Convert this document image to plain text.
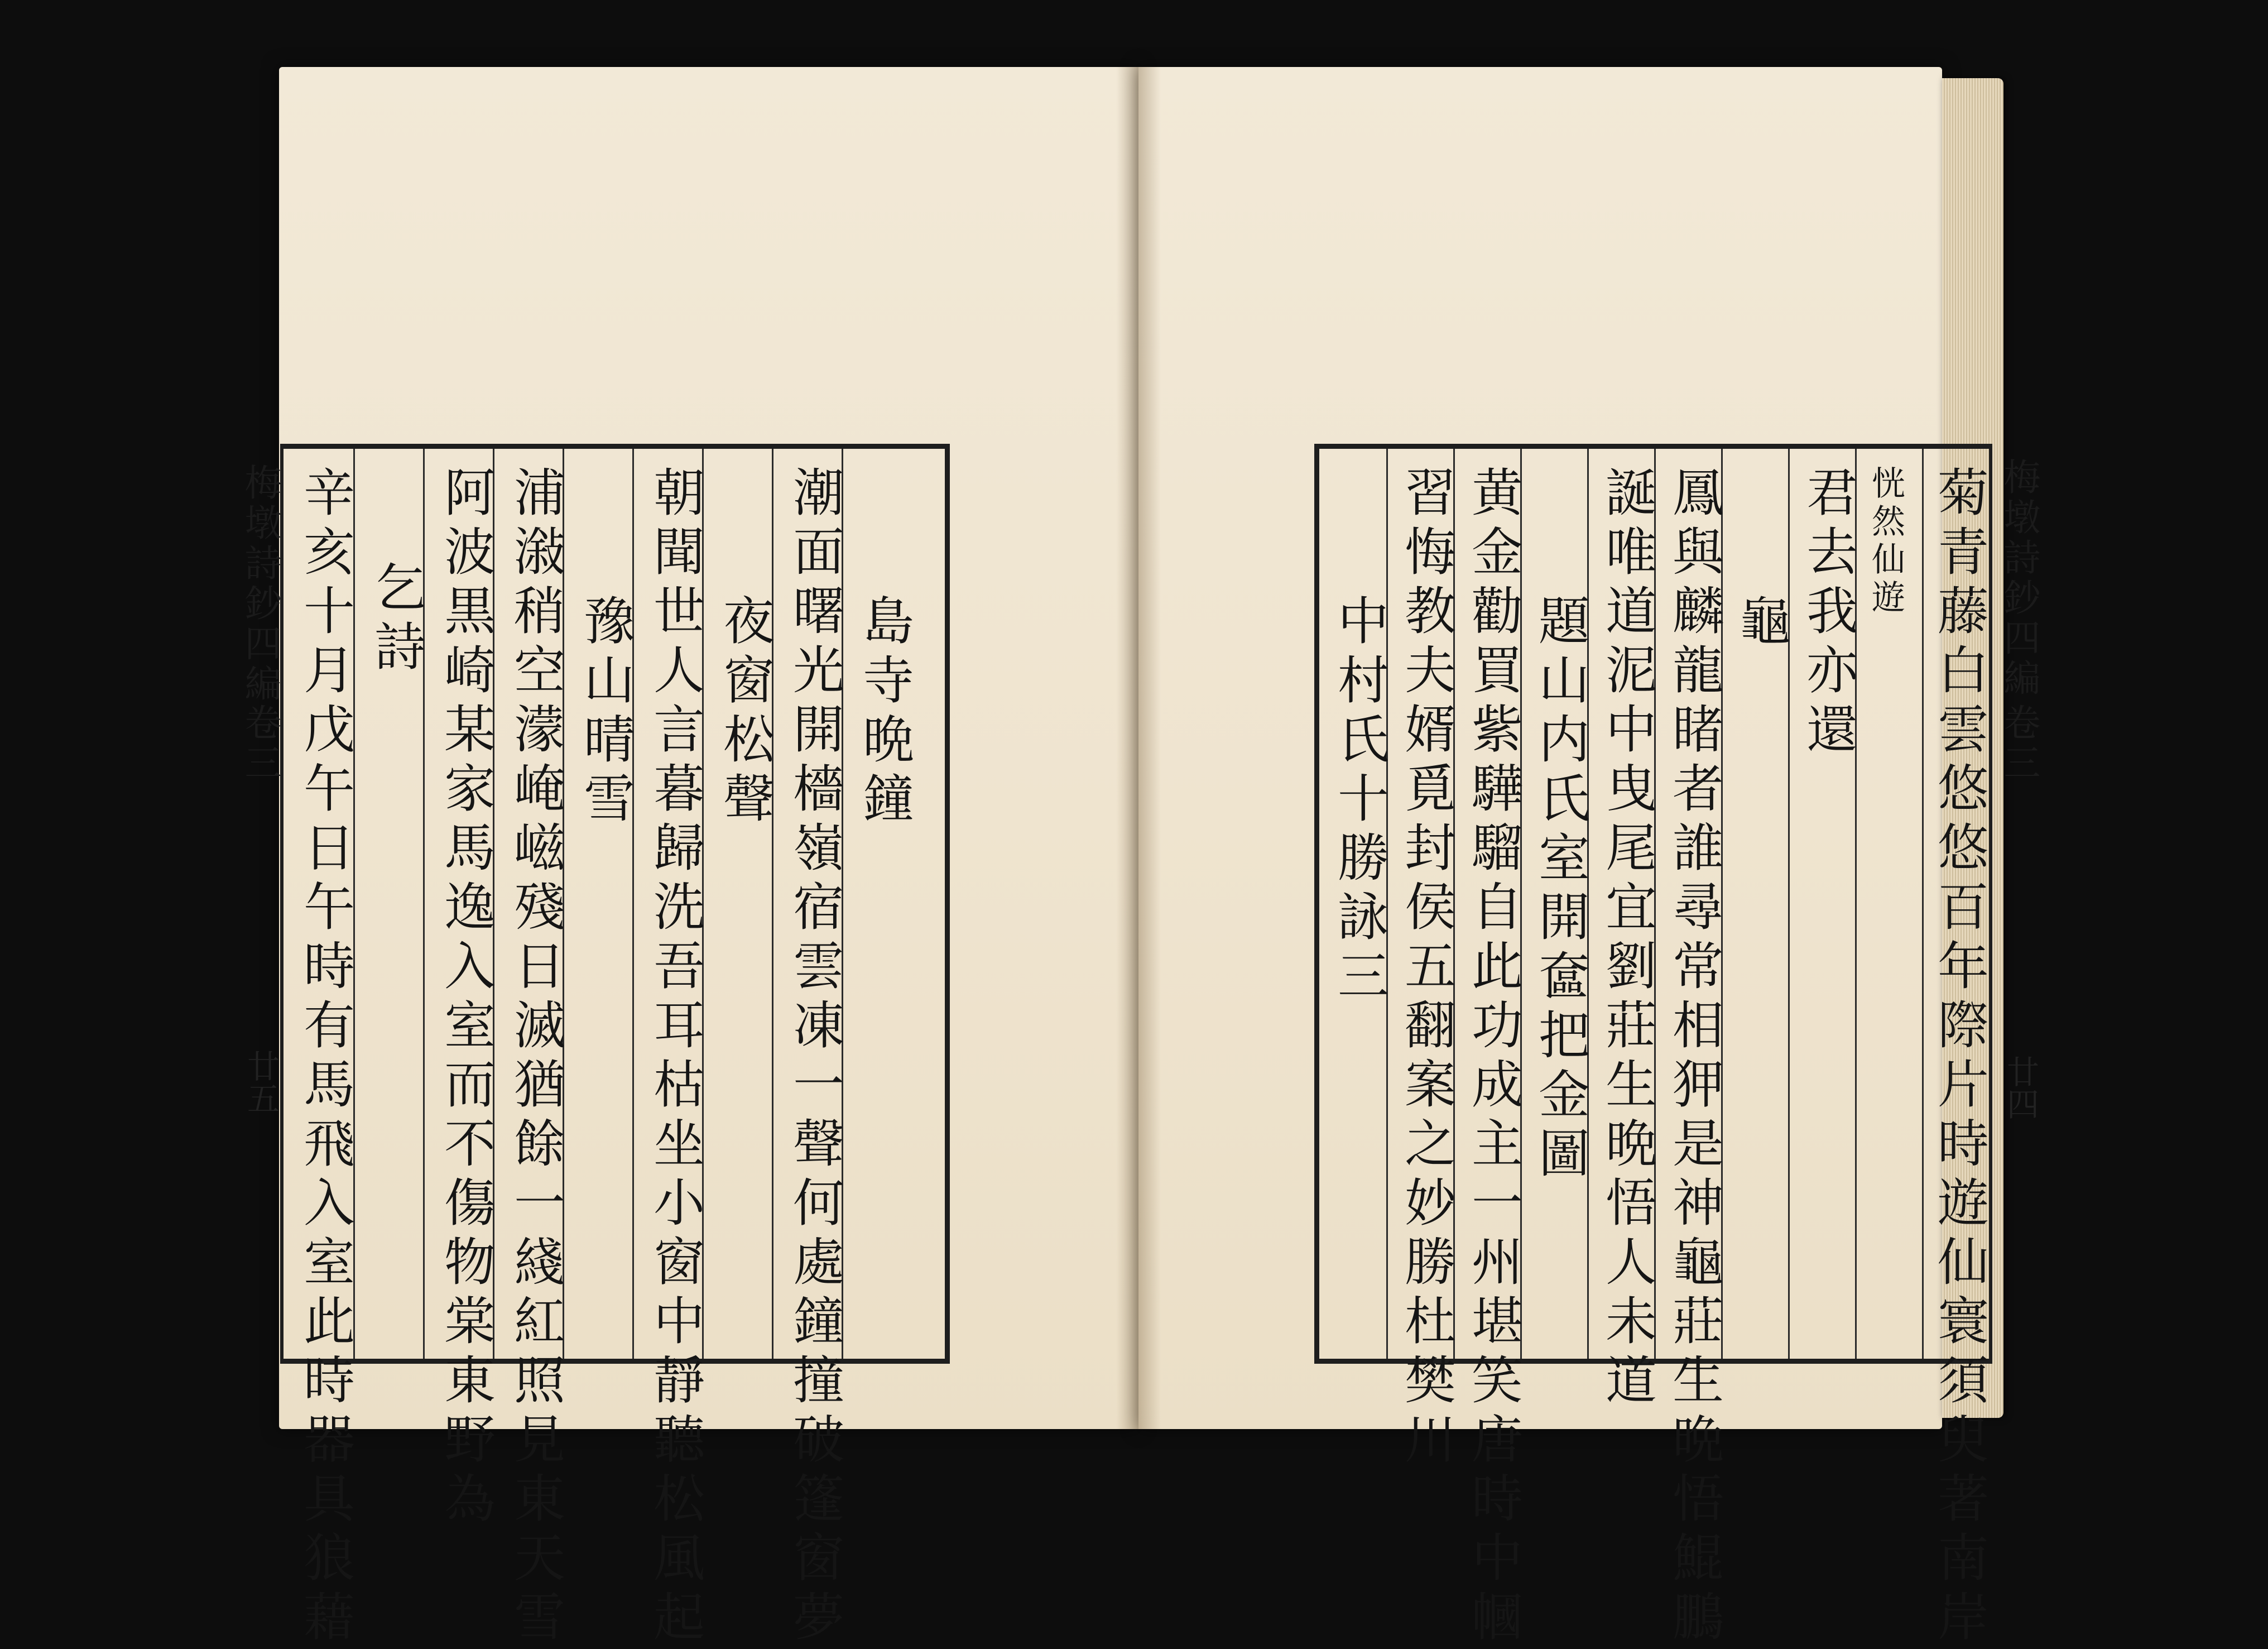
島寺晩鐘
潮面曙光開檣嶺宿雲凍一聲何處鐘撞破篷窗夢
夜窗松聲
朝聞世人言暮歸洗吾耳枯坐小窗中靜聽松風起
豫山晴雪
浦潊稍空濛崦嵫殘日滅猶餘一綫紅照見東天雪
阿波黒崎某家馬逸入室而不傷物棠東野為
乞詩
辛亥十月戊午日午時有馬飛入室此時器具狼藉
梅墩詩鈔四編
卷三
廿五	菊青藤白雲悠悠百年際片時遊仙寰須臾著南岸
恍然仙遊
君去我亦還
龜
鳳與麟龍睹者誰尋常相狎是神龜莊生晩悟鯤鵬
誕唯道泥中曳尾宜劉莊生晩悟人未道
題山内氏室開奩把金圖
黄金勸買紫驊騮自此功成主一州堪笑唐時中幗
習悔教夫婿覓封侯五翻案之妙勝杜樊川
中村氏十勝詠三
梅墩詩鈔四編
卷三
廿四
